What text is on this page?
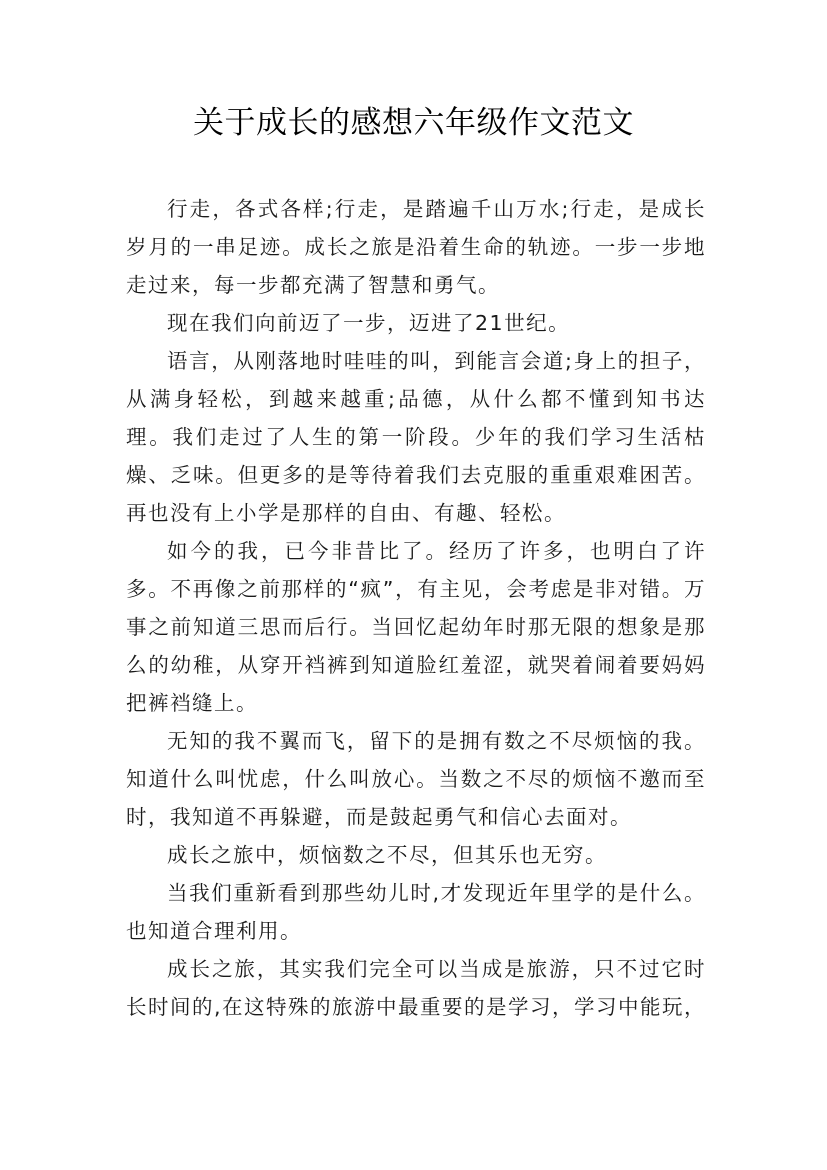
关于成长的感想六年级作文范文

行走，各式各样;行走，是踏遍千山万水;行走，是成长岁月的一串足迹。成长之旅是沿着生命的轨迹。一步一步地走过来，每一步都充满了智慧和勇气。

现在我们向前迈了一步，迈进了21世纪。

语言，从刚落地时哇哇的叫，到能言会道;身上的担子，从满身轻松，到越来越重;品德，从什么都不懂到知书达理。我们走过了人生的第一阶段。少年的我们学习生活枯燥、乏味。但更多的是等待着我们去克服的重重艰难困苦。再也没有上小学是那样的自由、有趣、轻松。

如今的我，已今非昔比了。经历了许多，也明白了许多。不再像之前那样的“疯”，有主见，会考虑是非对错。万事之前知道三思而后行。当回忆起幼年时那无限的想象是那么的幼稚，从穿开裆裤到知道脸红羞涩，就哭着闹着要妈妈把裤裆缝上。

无知的我不翼而飞，留下的是拥有数之不尽烦恼的我。知道什么叫忧虑，什么叫放心。当数之不尽的烦恼不邀而至时，我知道不再躲避，而是鼓起勇气和信心去面对。

成长之旅中，烦恼数之不尽，但其乐也无穷。

当我们重新看到那些幼儿时,才发现近年里学的是什么。也知道合理利用。

成长之旅，其实我们完全可以当成是旅游，只不过它时长时间的,在这特殊的旅游中最重要的是学习，学习中能玩，
